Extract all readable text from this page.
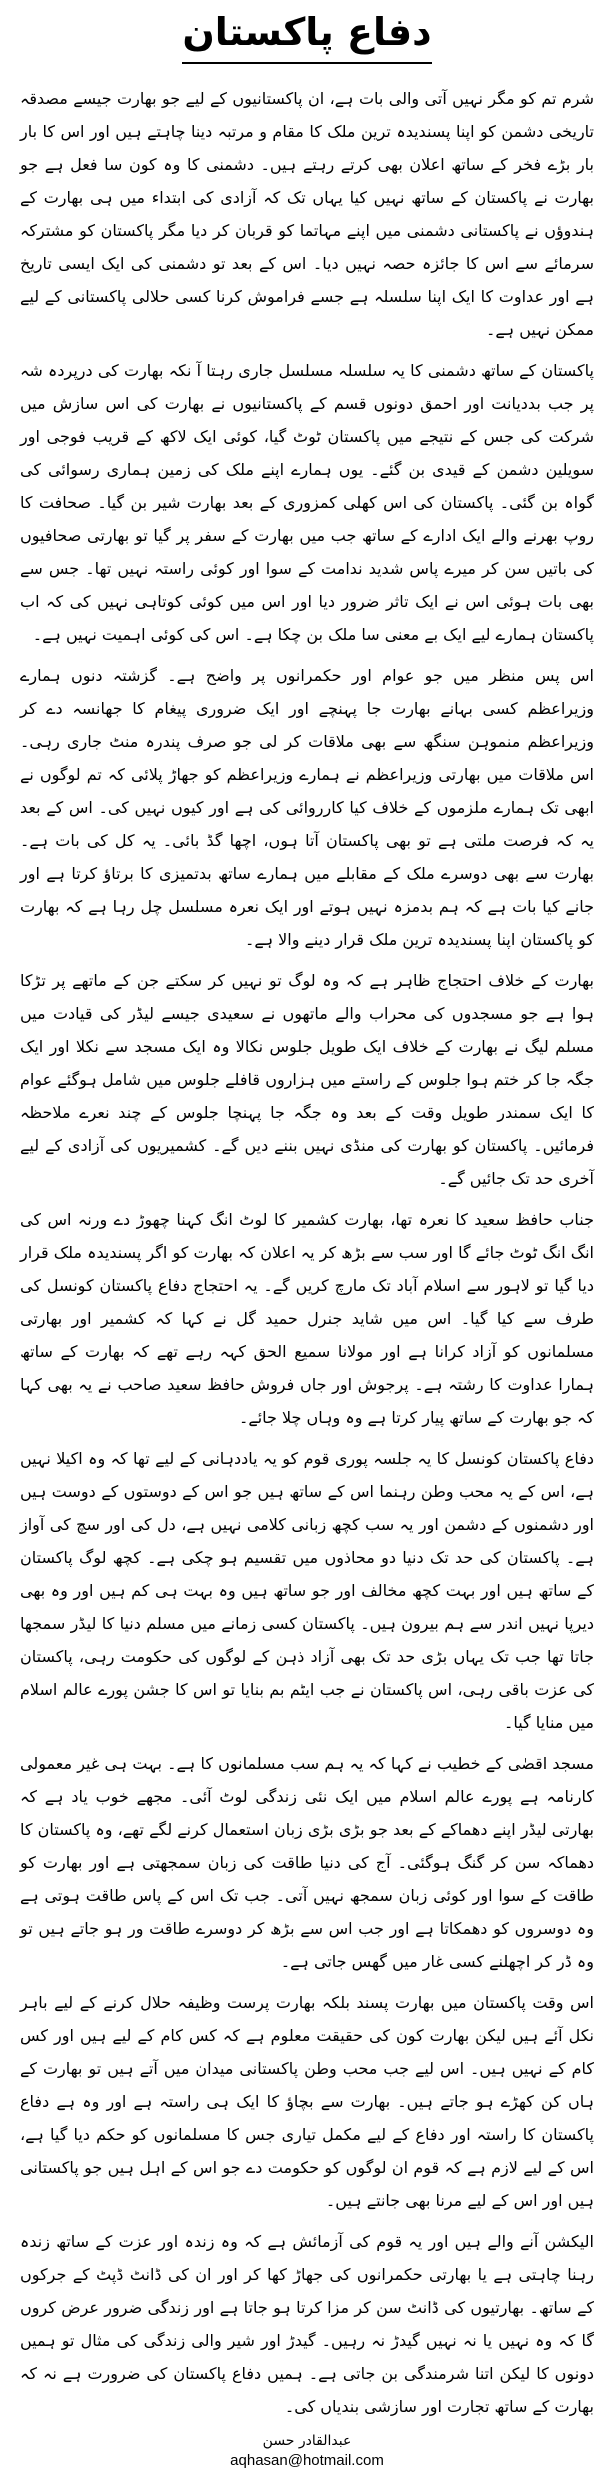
دفاع پاکستان

شرم تم کو مگر نہیں آتی والی بات ہے، ان پاکستانیوں کے لیے جو بھارت جیسے مصدقہ تاریخی دشمن کو اپنا پسندیدہ ترین ملک کا مقام و مرتبہ دینا چاہتے ہیں اور اس کا بار بار بڑے فخر کے ساتھ اعلان بھی کرتے رہتے ہیں۔ دشمنی کا وہ کون سا فعل ہے جو بھارت نے پاکستان کے ساتھ نہیں کیا یہاں تک کہ آزادی کی ابتداء میں ہی بھارت کے ہندوؤں نے پاکستانی دشمنی میں اپنے مہاتما کو قربان کر دیا مگر پاکستان کو مشترکہ سرمائے سے اس کا جائزہ حصہ نہیں دیا۔ اس کے بعد تو دشمنی کی ایک ایسی تاریخ ہے اور عداوت کا ایک اپنا سلسلہ ہے جسے فراموش کرنا کسی حلالی پاکستانی کے لیے ممکن نہیں ہے۔

پاکستان کے ساتھ دشمنی کا یہ سلسلہ مسلسل جاری رہتا آ نکہ بھارت کی درپردہ شہ پر جب بددیانت اور احمق دونوں قسم کے پاکستانیوں نے بھارت کی اس سازش میں شرکت کی جس کے نتیجے میں پاکستان ٹوٹ گیا، کوئی ایک لاکھ کے قریب فوجی اور سویلین دشمن کے قیدی بن گئے۔ یوں ہمارے اپنے ملک کی زمین ہماری رسوائی کی گواہ بن گئی۔ پاکستان کی اس کھلی کمزوری کے بعد بھارت شیر بن گیا۔ صحافت کا روپ بھرنے والے ایک ادارے کے ساتھ جب میں بھارت کے سفر پر گیا تو بھارتی صحافیوں کی باتیں سن کر میرے پاس شدید ندامت کے سوا اور کوئی راستہ نہیں تھا۔ جس سے بھی بات ہوئی اس نے ایک تاثر ضرور دیا اور اس میں کوئی کوتاہی نہیں کی کہ اب پاکستان ہمارے لیے ایک بے معنی سا ملک بن چکا ہے۔ اس کی کوئی اہمیت نہیں ہے۔

اس پس منظر میں جو عوام اور حکمرانوں پر واضح ہے۔ گزشتہ دنوں ہمارے وزیراعظم کسی بہانے بھارت جا پہنچے اور ایک ضروری پیغام کا جھانسہ دے کر وزیراعظم منموہن سنگھ سے بھی ملاقات کر لی جو صرف پندرہ منٹ جاری رہی۔ اس ملاقات میں بھارتی وزیراعظم نے ہمارے وزیراعظم کو جھاڑ پلائی کہ تم لوگوں نے ابھی تک ہمارے ملزموں کے خلاف کیا کارروائی کی ہے اور کیوں نہیں کی۔ اس کے بعد یہ کہ فرصت ملتی ہے تو بھی پاکستان آتا ہوں، اچھا گڈ بائی۔ یہ کل کی بات ہے۔ بھارت سے بھی دوسرے ملک کے مقابلے میں ہمارے ساتھ بدتمیزی کا برتاؤ کرتا ہے اور جانے کیا بات ہے کہ ہم بدمزہ نہیں ہوتے اور ایک نعرہ مسلسل چل رہا ہے کہ بھارت کو پاکستان اپنا پسندیدہ ترین ملک قرار دینے والا ہے۔

بھارت کے خلاف احتجاج ظاہر ہے کہ وہ لوگ تو نہیں کر سکتے جن کے ماتھے پر تڑکا ہوا ہے جو مسجدوں کی محراب والے ماتھوں نے سعیدی جیسے لیڈر کی قیادت میں مسلم لیگ نے بھارت کے خلاف ایک طویل جلوس نکالا وہ ایک مسجد سے نکلا اور ایک جگہ جا کر ختم ہوا جلوس کے راستے میں ہزاروں قافلے جلوس میں شامل ہوگئے عوام کا ایک سمندر طویل وقت کے بعد وہ جگہ جا پہنچا جلوس کے چند نعرے ملاحظہ فرمائیں۔ پاکستان کو بھارت کی منڈی نہیں بننے دیں گے۔ کشمیریوں کی آزادی کے لیے آخری حد تک جائیں گے۔

جناب حافظ سعید کا نعرہ تھا، بھارت کشمیر کا لوٹ انگ کہنا چھوڑ دے ورنہ اس کی انگ انگ ٹوٹ جائے گا اور سب سے بڑھ کر یہ اعلان کہ بھارت کو اگر پسندیدہ ملک قرار دیا گیا تو لاہور سے اسلام آباد تک مارچ کریں گے۔ یہ احتجاج دفاع پاکستان کونسل کی طرف سے کیا گیا۔ اس میں شاید جنرل حمید گل نے کہا کہ کشمیر اور بھارتی مسلمانوں کو آزاد کرانا ہے اور مولانا سمیع الحق کہہ رہے تھے کہ بھارت کے ساتھ ہمارا عداوت کا رشتہ ہے۔ پرجوش اور جاں فروش حافظ سعید صاحب نے یہ بھی کہا کہ جو بھارت کے ساتھ پیار کرتا ہے وہ وہاں چلا جائے۔

دفاع پاکستان کونسل کا یہ جلسہ پوری قوم کو یہ یاددہانی کے لیے تھا کہ وہ اکیلا نہیں ہے، اس کے یہ محب وطن رہنما اس کے ساتھ ہیں جو اس کے دوستوں کے دوست ہیں اور دشمنوں کے دشمن اور یہ سب کچھ زبانی کلامی نہیں ہے، دل کی اور سچ کی آواز ہے۔ پاکستان کی حد تک دنیا دو محاذوں میں تقسیم ہو چکی ہے۔ کچھ لوگ پاکستان کے ساتھ ہیں اور بہت کچھ مخالف اور جو ساتھ ہیں وہ بہت ہی کم ہیں اور وہ بھی دیرپا نہیں اندر سے ہم بیرون ہیں۔ پاکستان کسی زمانے میں مسلم دنیا کا لیڈر سمجھا جاتا تھا جب تک یہاں بڑی حد تک بھی آزاد ذہن کے لوگوں کی حکومت رہی، پاکستان کی عزت باقی رہی، اس پاکستان نے جب ایٹم بم بنایا تو اس کا جشن پورے عالم اسلام میں منایا گیا۔

مسجد اقصٰی کے خطیب نے کہا کہ یہ ہم سب مسلمانوں کا ہے۔ بہت ہی غیر معمولی کارنامہ ہے پورے عالم اسلام میں ایک نئی زندگی لوٹ آئی۔ مجھے خوب یاد ہے کہ بھارتی لیڈر اپنے دھماکے کے بعد جو بڑی بڑی زبان استعمال کرنے لگے تھے، وہ پاکستان کا دھماکہ سن کر گنگ ہوگئی۔ آج کی دنیا طاقت کی زبان سمجھتی ہے اور بھارت کو طاقت کے سوا اور کوئی زبان سمجھ نہیں آتی۔ جب تک اس کے پاس طاقت ہوتی ہے وہ دوسروں کو دھمکاتا ہے اور جب اس سے بڑھ کر دوسرے طاقت ور ہو جاتے ہیں تو وہ ڈر کر اچھلنے کسی غار میں گھس جاتی ہے۔

اس وقت پاکستان میں بھارت پسند بلکہ بھارت پرست وظیفہ حلال کرنے کے لیے باہر نکل آئے ہیں لیکن بھارت کون کی حقیقت معلوم ہے کہ کس کام کے لیے ہیں اور کس کام کے نہیں ہیں۔ اس لیے جب محب وطن پاکستانی میدان میں آتے ہیں تو بھارت کے ہاں کن کھڑے ہو جاتے ہیں۔ بھارت سے بچاؤ کا ایک ہی راستہ ہے اور وہ ہے دفاع پاکستان کا راستہ اور دفاع کے لیے مکمل تیاری جس کا مسلمانوں کو حکم دیا گیا ہے، اس کے لیے لازم ہے کہ قوم ان لوگوں کو حکومت دے جو اس کے اہل ہیں جو پاکستانی ہیں اور اس کے لیے مرنا بھی جانتے ہیں۔

الیکشن آنے والے ہیں اور یہ قوم کی آزمائش ہے کہ وہ زندہ اور عزت کے ساتھ زندہ رہنا چاہتی ہے یا بھارتی حکمرانوں کی جھاڑ کھا کر اور ان کی ڈانٹ ڈپٹ کے جرکوں کے ساتھ۔ بھارتیوں کی ڈانٹ سن کر مزا کرتا ہو جاتا ہے اور زندگی ضرور عرض کروں گا کہ وہ نہیں یا نہ نہیں گیدڑ نہ رہیں۔ گیدڑ اور شیر والی زندگی کی مثال تو ہمیں دونوں کا لیکن اتنا شرمندگی بن جاتی ہے۔ ہمیں دفاع پاکستان کی ضرورت ہے نہ کہ بھارت کے ساتھ تجارت اور سازشی بندیاں کی۔

عبدالقادر حسن
aqhasan@hotmail.com
